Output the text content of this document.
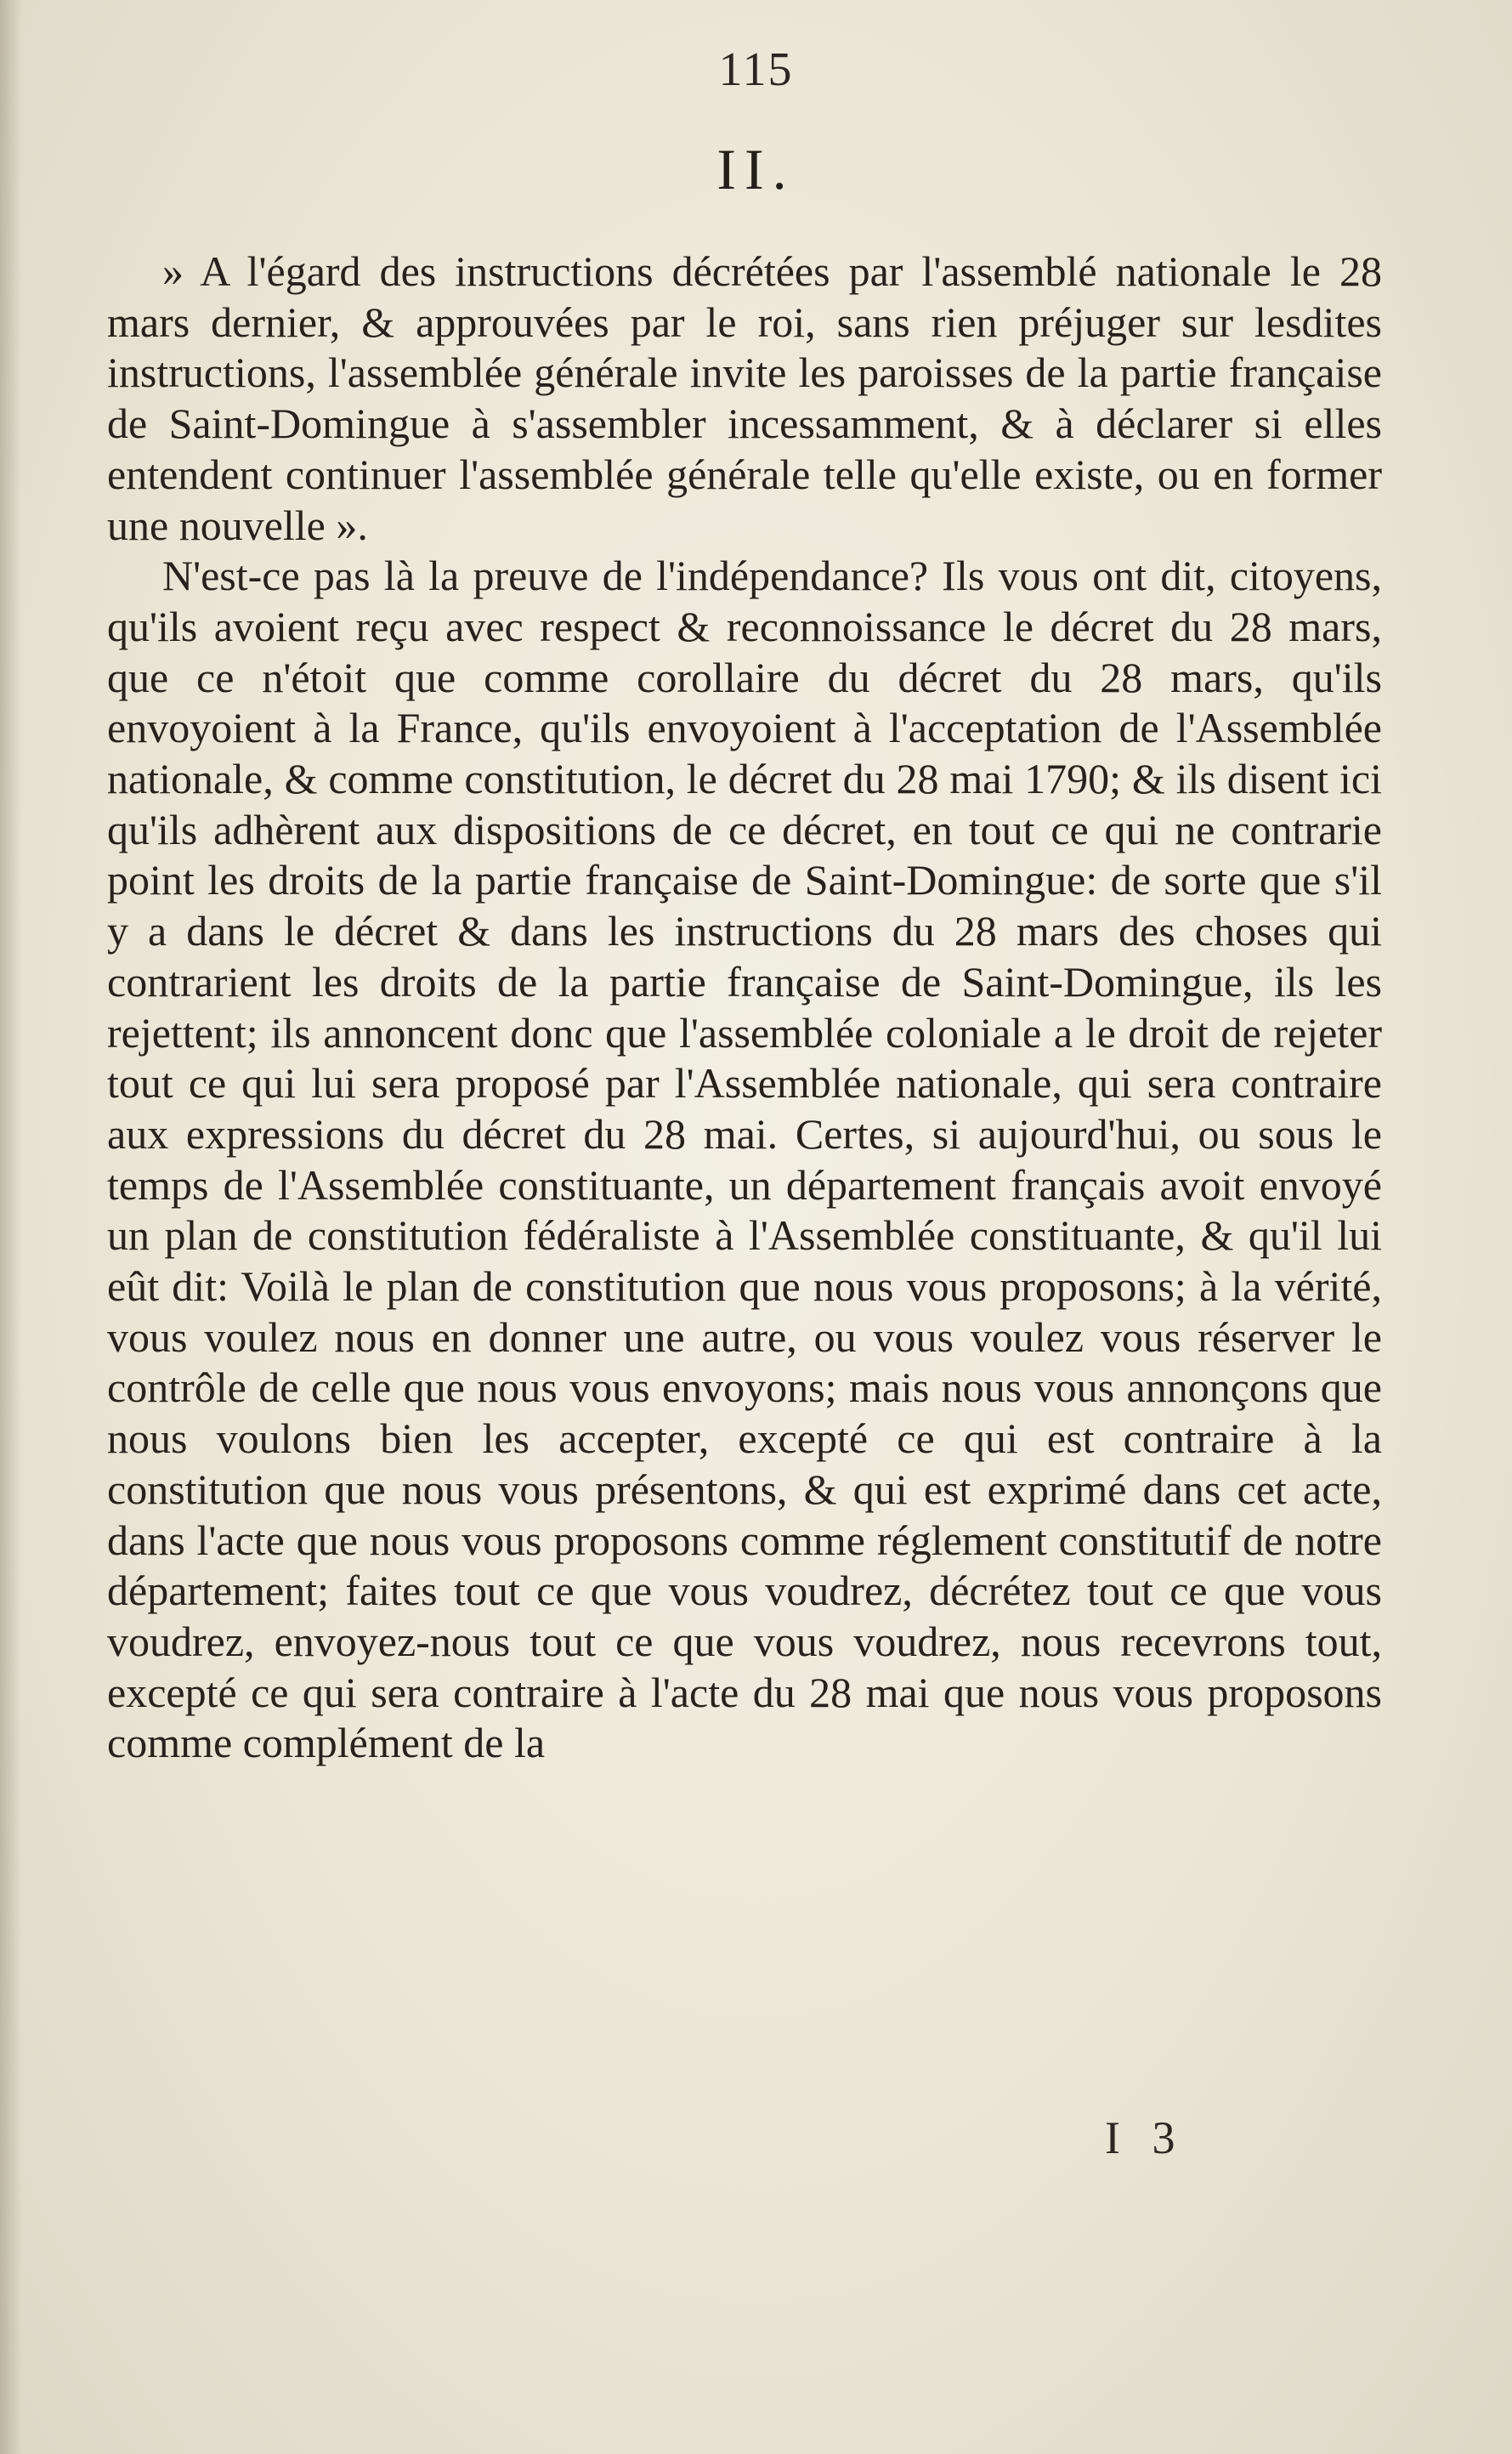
115
II.

» A l'égard des instructions décrétées par l'assemblé nationale le 28 mars dernier, & approuvées par le roi, sans rien préjuger sur lesdites instructions, l'assemblée générale invite les paroisses de la partie française de Saint-Domingue à s'assembler incessamment, & à déclarer si elles entendent continuer l'assemblée générale telle qu'elle existe, ou en former une nouvelle ».

N'est-ce pas là la preuve de l'indépendance? Ils vous ont dit, citoyens, qu'ils avoient reçu avec respect & reconnoissance le décret du 28 mars, que ce n'étoit que comme corollaire du décret du 28 mars, qu'ils envoyoient à la France, qu'ils envoyoient à l'acceptation de l'Assemblée nationale, & comme constitution, le décret du 28 mai 1790; & ils disent ici qu'ils adhèrent aux dispositions de ce décret, en tout ce qui ne contrarie point les droits de la partie française de Saint-Domingue: de sorte que s'il y a dans le décret & dans les instructions du 28 mars des choses qui contrarient les droits de la partie française de Saint-Domingue, ils les rejettent; ils annoncent donc que l'assemblée coloniale a le droit de rejeter tout ce qui lui sera proposé par l'Assemblée nationale, qui sera contraire aux expressions du décret du 28 mai. Certes, si aujourd'hui, ou sous le temps de l'Assemblée constituante, un département français avoit envoyé un plan de constitution fédéraliste à l'Assemblée constituante, & qu'il lui eût dit: Voilà le plan de constitution que nous vous proposons; à la vérité, vous voulez nous en donner une autre, ou vous voulez vous réserver le contrôle de celle que nous vous envoyons; mais nous vous annonçons que nous voulons bien les accepter, excepté ce qui est contraire à la constitution que nous vous présentons, & qui est exprimé dans cet acte, dans l'acte que nous vous proposons comme réglement constitutif de notre département; faites tout ce que vous voudrez, décrétez tout ce que vous voudrez, envoyez-nous tout ce que vous voudrez, nous recevrons tout, excepté ce qui sera contraire à l'acte du 28 mai que nous vous proposons comme complément de la

I 3
